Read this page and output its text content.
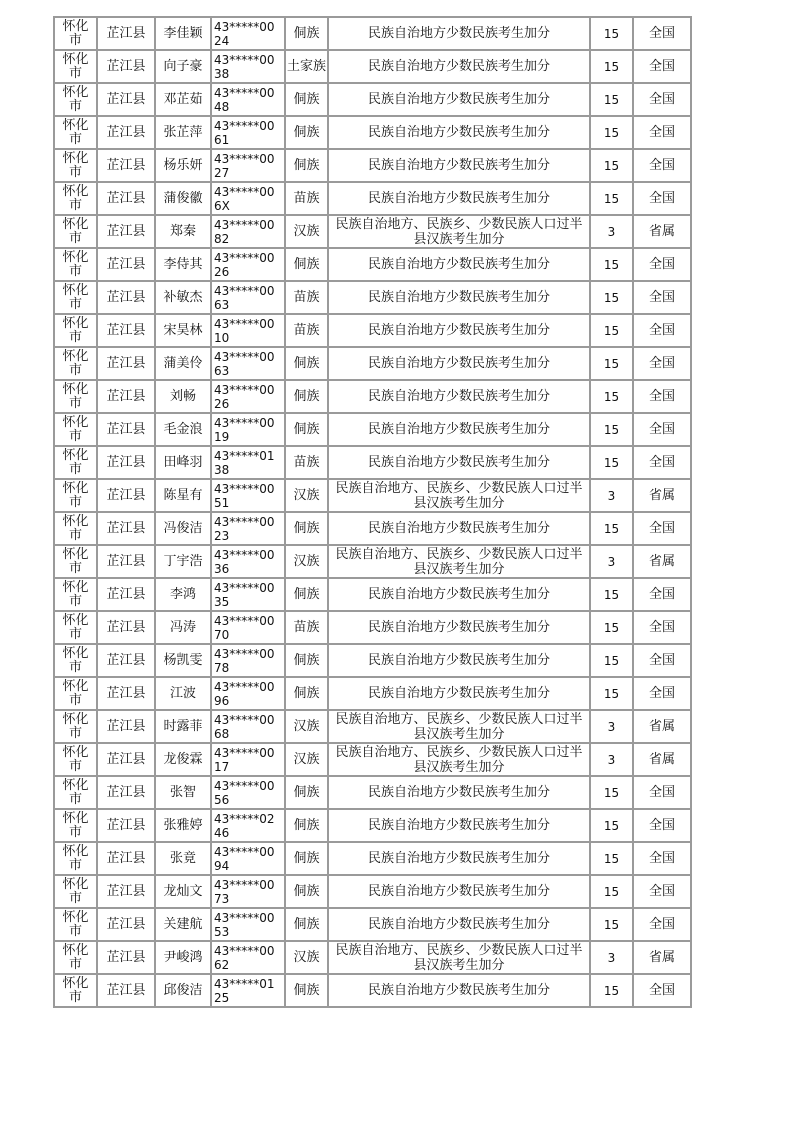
怀化市	芷江县	李佳颖	43*****0024	侗族	民族自治地方少数民族考生加分	15	全国
怀化市	芷江县	向子豪	43*****0038	土家族	民族自治地方少数民族考生加分	15	全国
怀化市	芷江县	邓芷茹	43*****0048	侗族	民族自治地方少数民族考生加分	15	全国
怀化市	芷江县	张芷萍	43*****0061	侗族	民族自治地方少数民族考生加分	15	全国
怀化市	芷江县	杨乐妍	43*****0027	侗族	民族自治地方少数民族考生加分	15	全国
怀化市	芷江县	蒲俊徽	43*****006X	苗族	民族自治地方少数民族考生加分	15	全国
怀化市	芷江县	郑秦	43*****0082	汉族	民族自治地方、民族乡、少数民族人口过半县汉族考生加分	3	省属
怀化市	芷江县	李侍其	43*****0026	侗族	民族自治地方少数民族考生加分	15	全国
怀化市	芷江县	补敏杰	43*****0063	苗族	民族自治地方少数民族考生加分	15	全国
怀化市	芷江县	宋昊林	43*****0010	苗族	民族自治地方少数民族考生加分	15	全国
怀化市	芷江县	蒲美伶	43*****0063	侗族	民族自治地方少数民族考生加分	15	全国
怀化市	芷江县	刘畅	43*****0026	侗族	民族自治地方少数民族考生加分	15	全国
怀化市	芷江县	毛金浪	43*****0019	侗族	民族自治地方少数民族考生加分	15	全国
怀化市	芷江县	田峰羽	43*****0138	苗族	民族自治地方少数民族考生加分	15	全国
怀化市	芷江县	陈星有	43*****0051	汉族	民族自治地方、民族乡、少数民族人口过半县汉族考生加分	3	省属
怀化市	芷江县	冯俊洁	43*****0023	侗族	民族自治地方少数民族考生加分	15	全国
怀化市	芷江县	丁宇浩	43*****0036	汉族	民族自治地方、民族乡、少数民族人口过半县汉族考生加分	3	省属
怀化市	芷江县	李鸿	43*****0035	侗族	民族自治地方少数民族考生加分	15	全国
怀化市	芷江县	冯涛	43*****0070	苗族	民族自治地方少数民族考生加分	15	全国
怀化市	芷江县	杨凯雯	43*****0078	侗族	民族自治地方少数民族考生加分	15	全国
怀化市	芷江县	江波	43*****0096	侗族	民族自治地方少数民族考生加分	15	全国
怀化市	芷江县	时露菲	43*****0068	汉族	民族自治地方、民族乡、少数民族人口过半县汉族考生加分	3	省属
怀化市	芷江县	龙俊霖	43*****0017	汉族	民族自治地方、民族乡、少数民族人口过半县汉族考生加分	3	省属
怀化市	芷江县	张智	43*****0056	侗族	民族自治地方少数民族考生加分	15	全国
怀化市	芷江县	张雅婷	43*****0246	侗族	民族自治地方少数民族考生加分	15	全国
怀化市	芷江县	张竟	43*****0094	侗族	民族自治地方少数民族考生加分	15	全国
怀化市	芷江县	龙灿文	43*****0073	侗族	民族自治地方少数民族考生加分	15	全国
怀化市	芷江县	关建航	43*****0053	侗族	民族自治地方少数民族考生加分	15	全国
怀化市	芷江县	尹峻鸿	43*****0062	汉族	民族自治地方、民族乡、少数民族人口过半县汉族考生加分	3	省属
怀化市	芷江县	邱俊洁	43*****0125	侗族	民族自治地方少数民族考生加分	15	全国
